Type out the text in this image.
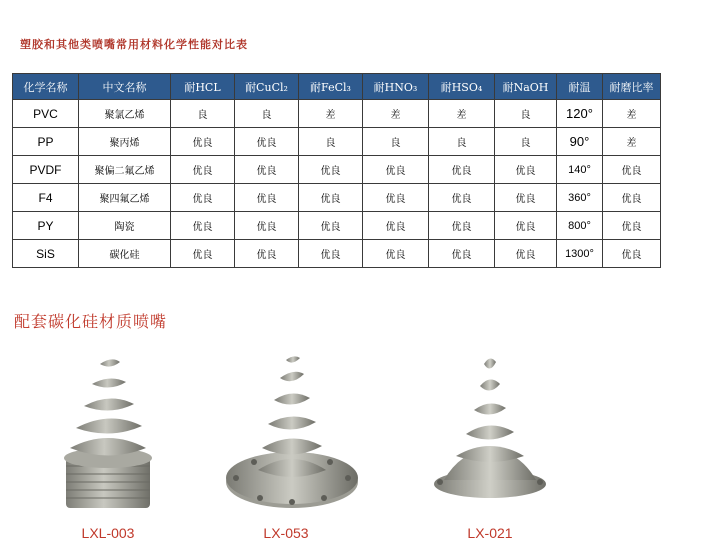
塑胶和其他类喷嘴常用材料化学性能对比表
化学名称	中文名称	耐HCL	耐CuCl₂	耐FeCl₃	耐HNO₃	耐HSO₄	耐NaOH	耐温	耐磨比率
PVC	聚氯乙烯	良	良	差	差	差	良	120°	差
PP	聚丙烯	优良	优良	良	良	良	良	90°	差
PVDF	聚偏二氟乙烯	优良	优良	优良	优良	优良	优良	140°	优良
F4	聚四氟乙烯	优良	优良	优良	优良	优良	优良	360°	优良
PY	陶瓷	优良	优良	优良	优良	优良	优良	800°	优良
SiS	碳化硅	优良	优良	优良	优良	优良	优良	1300°	优良
配套碳化硅材质喷嘴
LXL-003	LX-053	LX-021
